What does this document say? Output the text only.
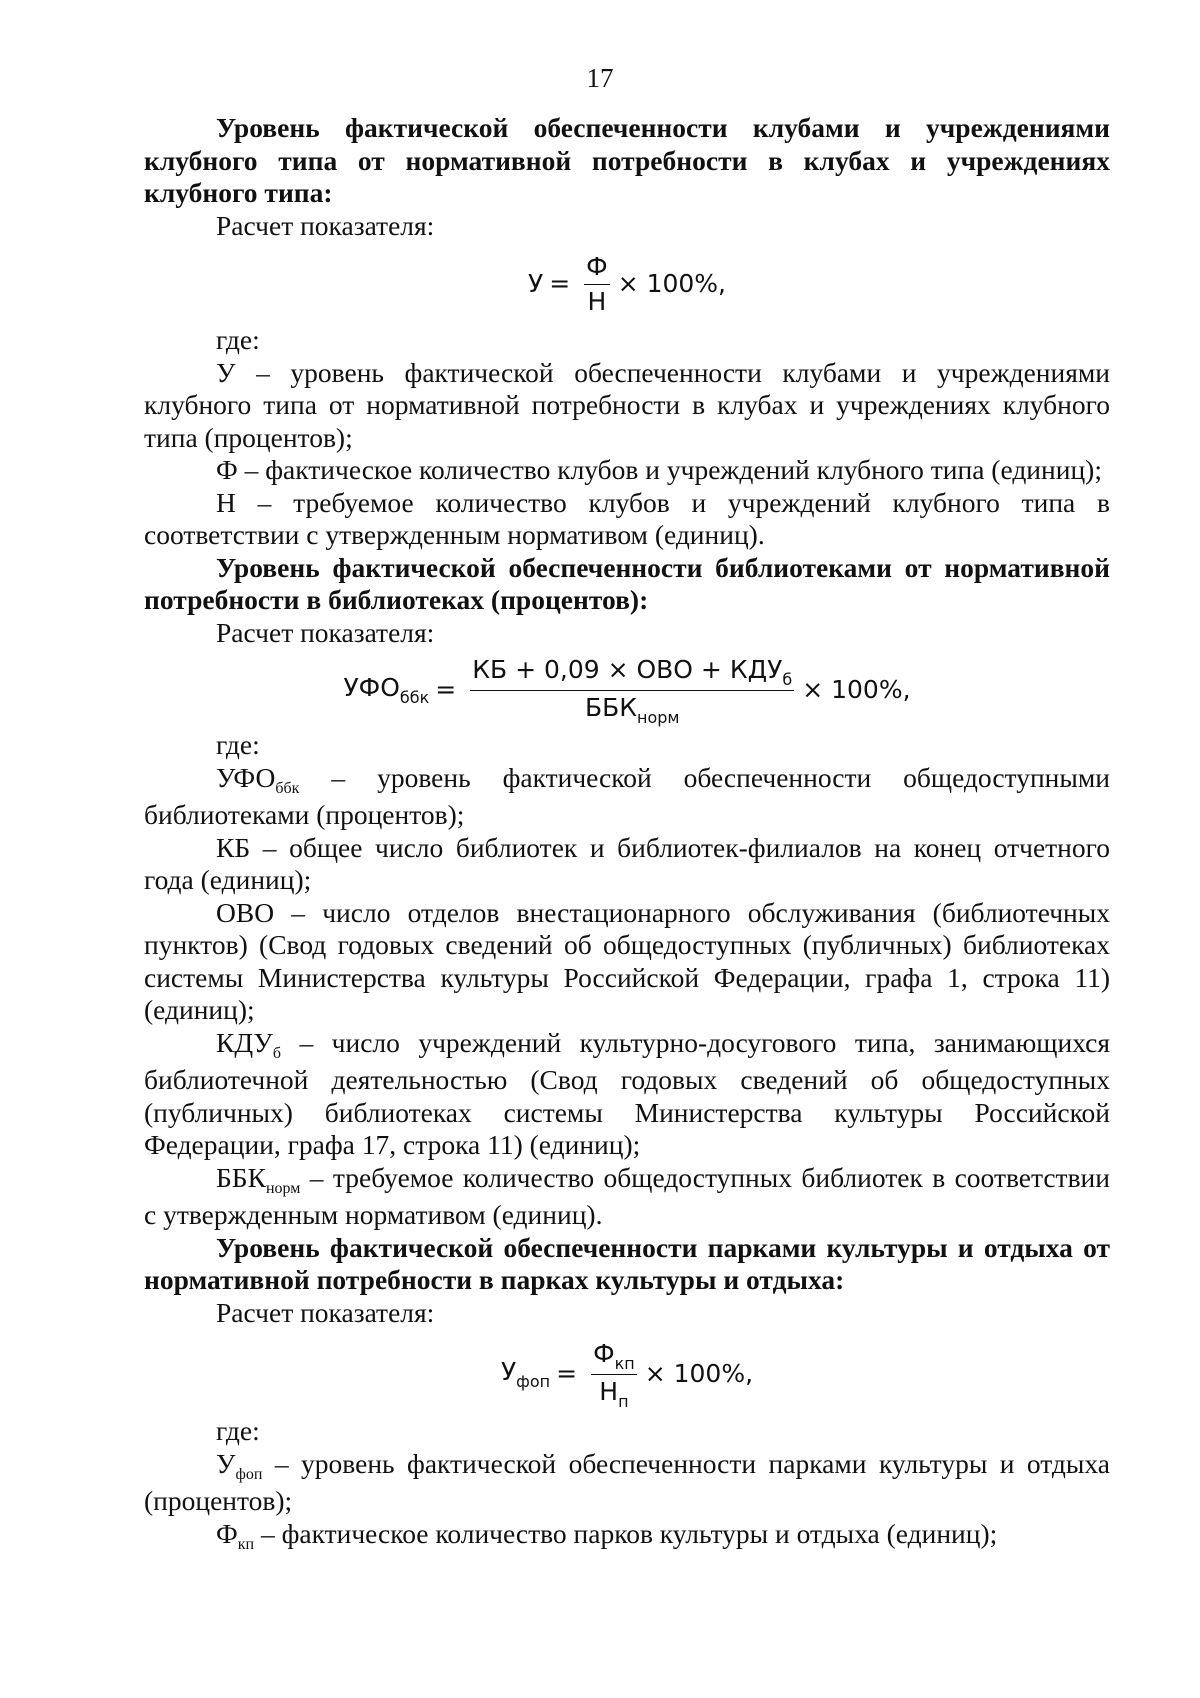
17

Уровень фактической обеспеченности клубами и учреждениями клубного типа от нормативной потребности в клубах и учреждениях клубного типа:

Расчет показателя:

$У = \frac{Ф}{Н} \times 100\%$,

где:

У – уровень фактической обеспеченности клубами и учреждениями клубного типа от нормативной потребности в клубах и учреждениях клубного типа (процентов);

Ф – фактическое количество клубов и учреждений клубного типа (единиц);

Н – требуемое количество клубов и учреждений клубного типа в соответствии с утвержденным нормативом (единиц).

Уровень фактической обеспеченности библиотеками от нормативной потребности в библиотеках (процентов):

Расчет показателя:

$УФО_{ббк} = \frac{КБ + 0,09 \times ОВО + КДУ_б}{ББК_{норм}} \times 100\%$,

где:

$УФО_{ббк}$ – уровень фактической обеспеченности общедоступными библиотеками (процентов);

КБ – общее число библиотек и библиотек-филиалов на конец отчетного года (единиц);

ОВО – число отделов внестационарного обслуживания (библиотечных пунктов) (Свод годовых сведений об общедоступных (публичных) библиотеках системы Министерства культуры Российской Федерации, графа 1, строка 11) (единиц);

$КДУ_б$ – число учреждений культурно-досугового типа, занимающихся библиотечной деятельностью (Свод годовых сведений об общедоступных (публичных) библиотеках системы Министерства культуры Российской Федерации, графа 17, строка 11) (единиц);

$ББК_{норм}$ – требуемое количество общедоступных библиотек в соответствии с утвержденным нормативом (единиц).

Уровень фактической обеспеченности парками культуры и отдыха от нормативной потребности в парках культуры и отдыха:

Расчет показателя:

$У_{фоп} = \frac{Ф_{кп}}{Н_п} \times 100\%$,

где:

$У_{фоп}$ – уровень фактической обеспеченности парками культуры и отдыха (процентов);

$Ф_{кп}$ – фактическое количество парков культуры и отдыха (единиц);
